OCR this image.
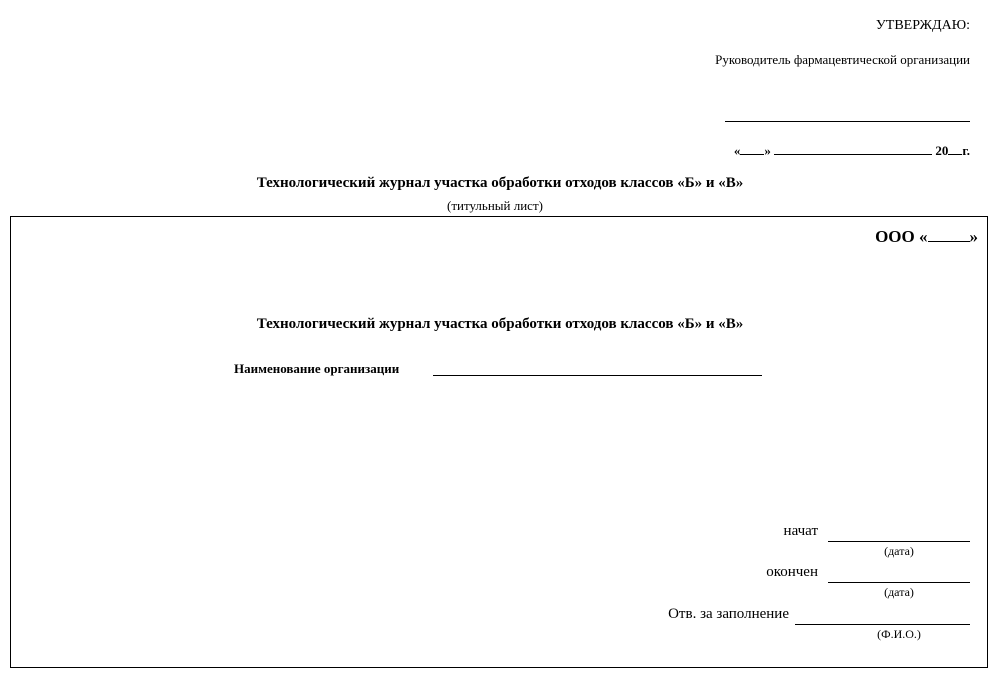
УТВЕРЖДАЮ:
Руководитель фармацевтической организации
« »	20 г.
Технологический журнал участка обработки отходов классов «Б» и «В»
(титульный лист)
ООО « »
Технологический журнал участка обработки отходов классов «Б» и «В»
Наименование организации
начат
(дата)
окончен
(дата)
Отв. за заполнение
(Ф.И.О.)
